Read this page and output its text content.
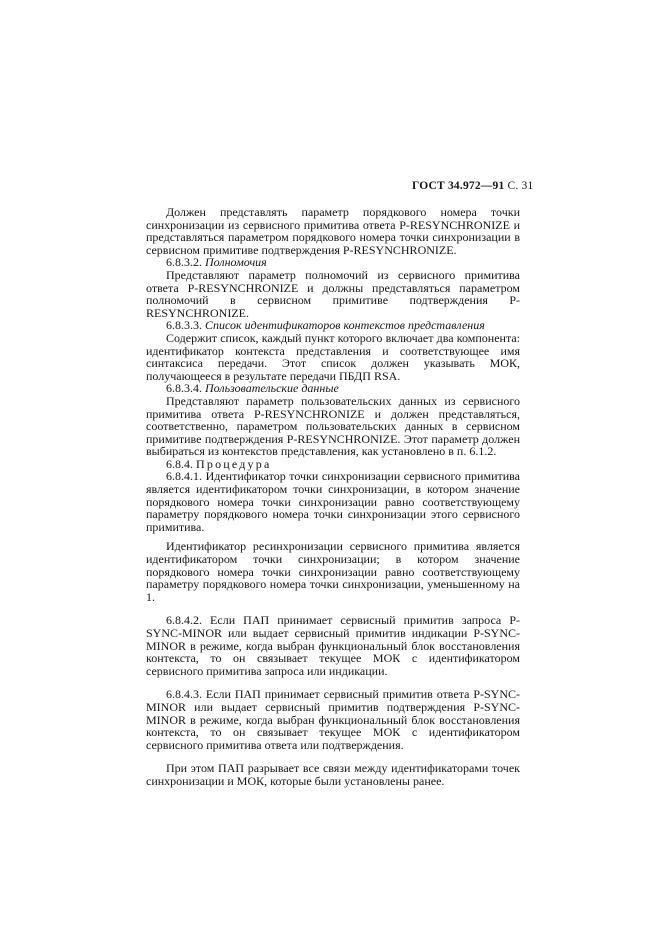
ГОСТ 34.972—91 С. 31

Должен представлять параметр порядкового номера точки синхронизации из сервисного примитива ответа P-RESYNCHRONIZE и представляться параметром порядкового номера точки синхронизации в сервисном примитиве подтверждения P-RESYNCHRONIZE.

6.8.3.2. Полномочия

Представляют параметр полномочий из сервисного примитива ответа P-RESYNCHRONIZE и должны представляться параметром полномочий в сервисном примитиве подтверждения P-RESYNCHRONIZE.

6.8.3.3. Список идентификаторов контекстов представления

Содержит список, каждый пункт которого включает два компонента: идентификатор контекста представления и соответствующее имя синтаксиса передачи. Этот список должен указывать МОК, получающееся в результате передачи ПБДП RSA.

6.8.3.4. Пользовательские данные

Представляют параметр пользовательских данных из сервисного примитива ответа P-RESYNCHRONIZE и должен представляться, соответственно, параметром пользовательских данных в сервисном примитиве подтверждения P-RESYNCHRONIZE. Этот параметр должен выбираться из контекстов представления, как установлено в п. 6.1.2.

6.8.4. Процедура

6.8.4.1. Идентификатор точки синхронизации сервисного примитива является идентификатором точки синхронизации, в котором значение порядкового номера точки синхронизации равно соответствующему параметру порядкового номера точки синхронизации этого сервисного примитива.

Идентификатор ресинхронизации сервисного примитива является идентификатором точки синхронизации; в котором значение порядкового номера точки синхронизации равно соответствующему параметру порядкового номера точки синхронизации, уменьшенному на 1.

6.8.4.2. Если ПАП принимает сервисный примитив запроса P-SYNC-MINOR или выдает сервисный примитив индикации P-SYNC-MINOR в режиме, когда выбран функциональный блок восстановления контекста, то он связывает текущее МОК с идентификатором сервисного примитива запроса или индикации.

6.8.4.3. Если ПАП принимает сервисный примитив ответа P-SYNC-MINOR или выдает сервисный примитив подтверждения P-SYNC-MINOR в режиме, когда выбран функциональный блок восстановления контекста, то он связывает текущее МОК с идентификатором сервисного примитива ответа или подтверждения.

При этом ПАП разрывает все связи между идентификаторами точек синхронизации и МОК, которые были установлены ранее.
